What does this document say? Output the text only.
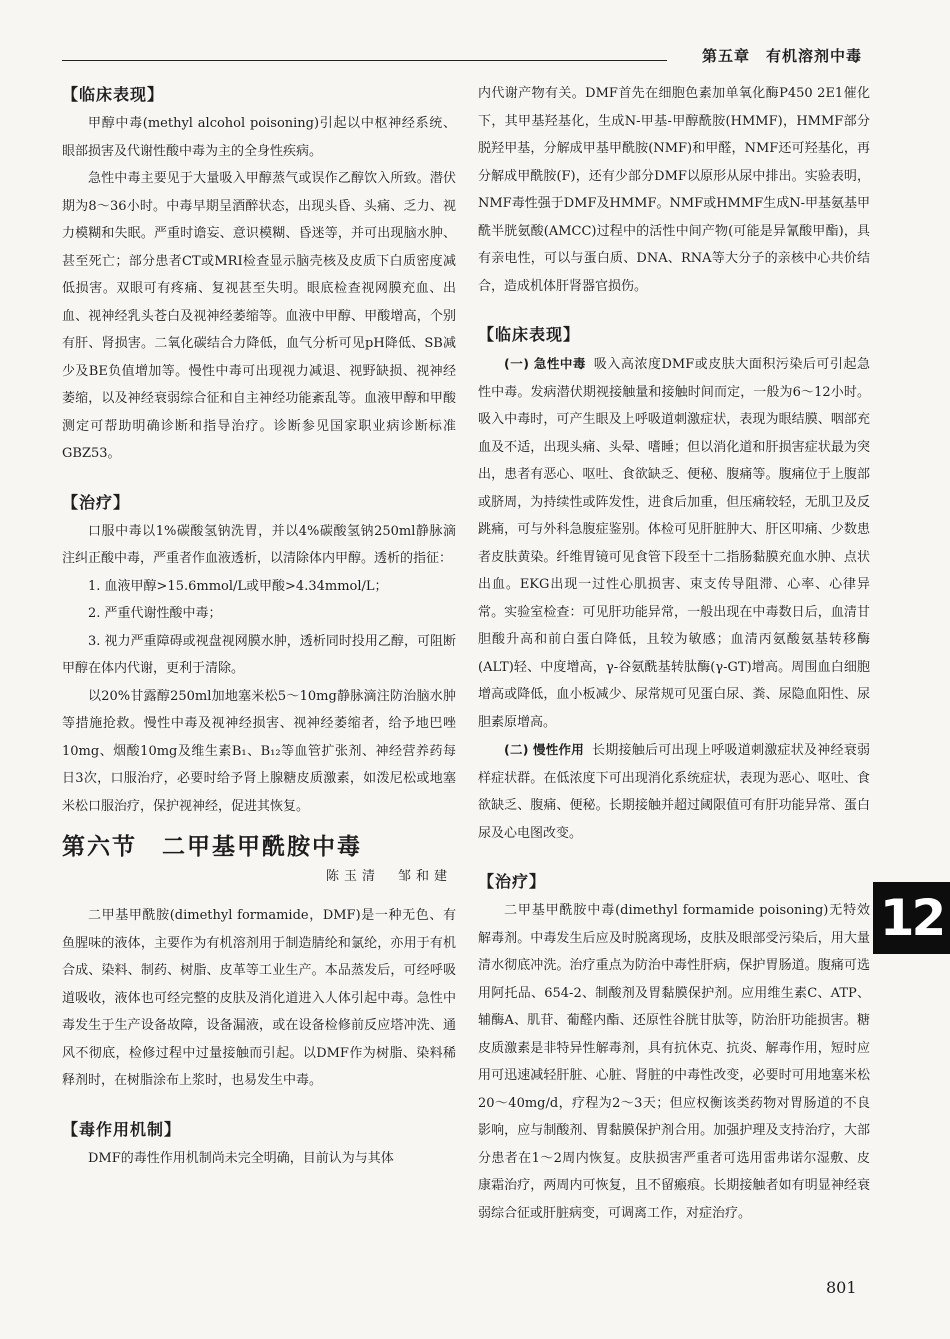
第五章　有机溶剂中毒
【临床表现】

甲醇中毒(methyl alcohol poisoning)引起以中枢神经系统、眼部损害及代谢性酸中毒为主的全身性疾病。

急性中毒主要见于大量吸入甲醇蒸气或误作乙醇饮入所致。潜伏期为8～36小时。中毒早期呈酒醉状态，出现头昏、头痛、乏力、视力模糊和失眠。严重时谵妄、意识模糊、昏迷等，并可出现脑水肿、甚至死亡；部分患者CT或MRI检查显示脑壳核及皮质下白质密度减低损害。双眼可有疼痛、复视甚至失明。眼底检查视网膜充血、出血、视神经乳头苍白及视神经萎缩等。血液中甲醇、甲酸增高，个别有肝、肾损害。二氧化碳结合力降低，血气分析可见pH降低、SB减少及BE负值增加等。慢性中毒可出现视力减退、视野缺损、视神经萎缩，以及神经衰弱综合征和自主神经功能紊乱等。血液甲醇和甲酸测定可帮助明确诊断和指导治疗。诊断参见国家职业病诊断标准GBZ53。

【治疗】

口服中毒以1%碳酸氢钠洗胃，并以4%碳酸氢钠250ml静脉滴注纠正酸中毒，严重者作血液透析，以清除体内甲醇。透析的指征：

1. 血液甲醇>15.6mmol/L或甲酸>4.34mmol/L；

2. 严重代谢性酸中毒；

3. 视力严重障碍或视盘视网膜水肿，透析同时投用乙醇，可阻断甲醇在体内代谢，更利于清除。

以20%甘露醇250ml加地塞米松5～10mg静脉滴注防治脑水肿等措施抢救。慢性中毒及视神经损害、视神经萎缩者，给予地巴唑10mg、烟酸10mg及维生素B₁、B₁₂等血管扩张剂、神经营养药每日3次，口服治疗，必要时给予肾上腺糖皮质激素，如泼尼松或地塞米松口服治疗，保护视神经，促进其恢复。

第六节　二甲基甲酰胺中毒
陈玉清　邹和建

二甲基甲酰胺(dimethyl formamide，DMF)是一种无色、有鱼腥味的液体，主要作为有机溶剂用于制造腈纶和氯纶，亦用于有机合成、染料、制药、树脂、皮革等工业生产。本品蒸发后，可经呼吸道吸收，液体也可经完整的皮肤及消化道进入人体引起中毒。急性中毒发生于生产设备故障，设备漏液，或在设备检修前反应塔冲洗、通风不彻底，检修过程中过量接触而引起。以DMF作为树脂、染料稀释剂时，在树脂涂布上浆时，也易发生中毒。

【毒作用机制】

DMF的毒性作用机制尚未完全明确，目前认为与其体

内代谢产物有关。DMF首先在细胞色素加单氧化酶P450 2E1催化下，其甲基羟基化，生成N-甲基-甲醇酰胺(HMMF)，HMMF部分脱羟甲基，分解成甲基甲酰胺(NMF)和甲醛，NMF还可羟基化，再分解成甲酰胺(F)，还有少部分DMF以原形从尿中排出。实验表明，NMF毒性强于DMF及HMMF。NMF或HMMF生成N-甲基氨基甲酰半胱氨酸(AMCC)过程中的活性中间产物(可能是异氰酸甲酯)，具有亲电性，可以与蛋白质、DNA、RNA等大分子的亲核中心共价结合，造成机体肝肾器官损伤。

【临床表现】

(一) 急性中毒 吸入高浓度DMF或皮肤大面积污染后可引起急性中毒。发病潜伏期视接触量和接触时间而定，一般为6～12小时。吸入中毒时，可产生眼及上呼吸道刺激症状，表现为眼结膜、咽部充血及不适，出现头痛、头晕、嗜睡；但以消化道和肝损害症状最为突出，患者有恶心、呕吐、食欲缺乏、便秘、腹痛等。腹痛位于上腹部或脐周，为持续性或阵发性，进食后加重，但压痛较轻，无肌卫及反跳痛，可与外科急腹症鉴别。体检可见肝脏肿大、肝区叩痛、少数患者皮肤黄染。纤维胃镜可见食管下段至十二指肠黏膜充血水肿、点状出血。EKG出现一过性心肌损害、束支传导阻滞、心率、心律异常。实验室检查：可见肝功能异常，一般出现在中毒数日后，血清甘胆酸升高和前白蛋白降低，且较为敏感；血清丙氨酸氨基转移酶(ALT)轻、中度增高，γ-谷氨酰基转肽酶(γ-GT)增高。周围血白细胞增高或降低，血小板减少、尿常规可见蛋白尿、粪、尿隐血阳性、尿胆素原增高。

(二) 慢性作用 长期接触后可出现上呼吸道刺激症状及神经衰弱样症状群。在低浓度下可出现消化系统症状，表现为恶心、呕吐、食欲缺乏、腹痛、便秘。长期接触并超过阈限值可有肝功能异常、蛋白尿及心电图改变。

【治疗】

二甲基甲酰胺中毒(dimethyl formamide poisoning)无特效解毒剂。中毒发生后应及时脱离现场，皮肤及眼部受污染后，用大量清水彻底冲洗。治疗重点为防治中毒性肝病，保护胃肠道。腹痛可选用阿托品、654-2、制酸剂及胃黏膜保护剂。应用维生素C、ATP、辅酶A、肌苷、葡醛内酯、还原性谷胱甘肽等，防治肝功能损害。糖皮质激素是非特异性解毒剂，具有抗休克、抗炎、解毒作用，短时应用可迅速减轻肝脏、心脏、肾脏的中毒性改变，必要时可用地塞米松20～40mg/d，疗程为2～3天；但应权衡该类药物对胃肠道的不良影响，应与制酸剂、胃黏膜保护剂合用。加强护理及支持治疗，大部分患者在1～2周内恢复。皮肤损害严重者可选用雷弗诺尔湿敷、皮康霜治疗，两周内可恢复，且不留瘢痕。长期接触者如有明显神经衰弱综合征或肝脏病变，可调离工作，对症治疗。

12
801
